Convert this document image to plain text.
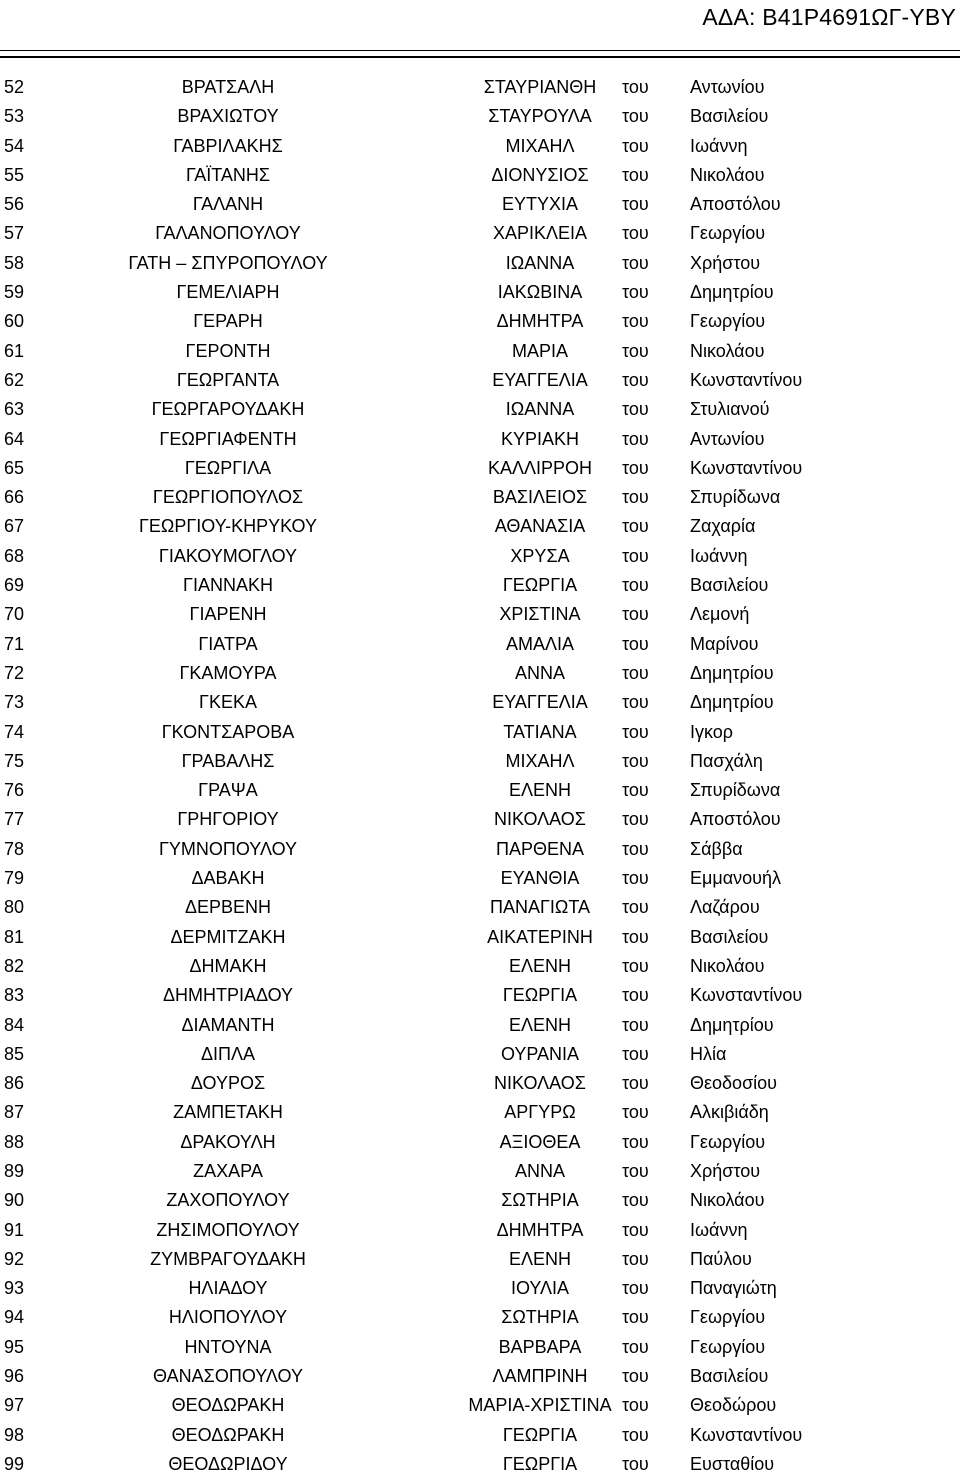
ΑΔΑ: Β41Ρ4691ΩΓ-ΥΒΥ
52	ΒΡΑΤΣΑΛΗ	ΣΤΑΥΡΙΑΝΘΗ	του	Αντωνίου
53	ΒΡΑΧΙΩΤΟΥ	ΣΤΑΥΡΟΥΛΑ	του	Βασιλείου
54	ΓΑΒΡΙΛΑΚΗΣ	ΜΙΧΑΗΛ	του	Ιωάννη
55	ΓΑΪΤΑΝΗΣ	ΔΙΟΝΥΣΙΟΣ	του	Νικολάου
56	ΓΑΛΑΝΗ	ΕΥΤΥΧΙΑ	του	Αποστόλου
57	ΓΑΛΑΝΟΠΟΥΛΟΥ	ΧΑΡΙΚΛΕΙΑ	του	Γεωργίου
58	ΓΑΤΗ – ΣΠΥΡΟΠΟΥΛΟΥ	ΙΩΑΝΝΑ	του	Χρήστου
59	ΓΕΜΕΛΙΑΡΗ	ΙΑΚΩΒΙΝΑ	του	Δημητρίου
60	ΓΕΡΑΡΗ	ΔΗΜΗΤΡΑ	του	Γεωργίου
61	ΓΕΡΟΝΤΗ	ΜΑΡΙΑ	του	Νικολάου
62	ΓΕΩΡΓΑΝΤΑ	ΕΥΑΓΓΕΛΙΑ	του	Κωνσταντίνου
63	ΓΕΩΡΓΑΡΟΥΔΑΚΗ	ΙΩΑΝΝΑ	του	Στυλιανού
64	ΓΕΩΡΓΙΑΦΕΝΤΗ	ΚΥΡΙΑΚΗ	του	Αντωνίου
65	ΓΕΩΡΓΙΛΑ	ΚΑΛΛΙΡΡΟΗ	του	Κωνσταντίνου
66	ΓΕΩΡΓΙΟΠΟΥΛΟΣ	ΒΑΣΙΛΕΙΟΣ	του	Σπυρίδωνα
67	ΓΕΩΡΓΙΟΥ-ΚΗΡΥΚΟΥ	ΑΘΑΝΑΣΙΑ	του	Ζαχαρία
68	ΓΙΑΚΟΥΜΟΓΛΟΥ	ΧΡΥΣΑ	του	Ιωάννη
69	ΓΙΑΝΝΑΚΗ	ΓΕΩΡΓΙΑ	του	Βασιλείου
70	ΓΙΑΡΕΝΗ	ΧΡΙΣΤΙΝΑ	του	Λεμονή
71	ΓΙΑΤΡΑ	ΑΜΑΛΙΑ	του	Μαρίνου
72	ΓΚΑΜΟΥΡΑ	ΑΝΝΑ	του	Δημητρίου
73	ΓΚΕΚΑ	ΕΥΑΓΓΕΛΙΑ	του	Δημητρίου
74	ΓΚΟΝΤΣΑΡΟΒΑ	ΤΑΤΙΑΝΑ	του	Ιγκορ
75	ΓΡΑΒΑΛΗΣ	ΜΙΧΑΗΛ	του	Πασχάλη
76	ΓΡΑΨΑ	ΕΛΕΝΗ	του	Σπυρίδωνα
77	ΓΡΗΓΟΡΙΟΥ	ΝΙΚΟΛΑΟΣ	του	Αποστόλου
78	ΓΥΜΝΟΠΟΥΛΟΥ	ΠΑΡΘΕΝΑ	του	Σάββα
79	ΔΑΒΑΚΗ	ΕΥΑΝΘΙΑ	του	Εμμανουήλ
80	ΔΕΡΒΕΝΗ	ΠΑΝΑΓΙΩΤΑ	του	Λαζάρου
81	ΔΕΡΜΙΤΖΑΚΗ	ΑΙΚΑΤΕΡΙΝΗ	του	Βασιλείου
82	ΔΗΜΑΚΗ	ΕΛΕΝΗ	του	Νικολάου
83	ΔΗΜΗΤΡΙΑΔΟΥ	ΓΕΩΡΓΙΑ	του	Κωνσταντίνου
84	ΔΙΑΜΑΝΤΗ	ΕΛΕΝΗ	του	Δημητρίου
85	ΔΙΠΛΑ	ΟΥΡΑΝΙΑ	του	Ηλία
86	ΔΟΥΡΟΣ	ΝΙΚΟΛΑΟΣ	του	Θεοδοσίου
87	ΖΑΜΠΕΤΑΚΗ	ΑΡΓΥΡΩ	του	Αλκιβιάδη
88	ΔΡΑΚΟΥΛΗ	ΑΞΙΟΘΕΑ	του	Γεωργίου
89	ΖΑΧΑΡΑ	ΑΝΝΑ	του	Χρήστου
90	ΖΑΧΟΠΟΥΛΟΥ	ΣΩΤΗΡΙΑ	του	Νικολάου
91	ΖΗΣΙΜΟΠΟΥΛΟΥ	ΔΗΜΗΤΡΑ	του	Ιωάννη
92	ΖΥΜΒΡΑΓΟΥΔΑΚΗ	ΕΛΕΝΗ	του	Παύλου
93	ΗΛΙΑΔΟΥ	ΙΟΥΛΙΑ	του	Παναγιώτη
94	ΗΛΙΟΠΟΥΛΟΥ	ΣΩΤΗΡΙΑ	του	Γεωργίου
95	ΗΝΤΟΥΝΑ	ΒΑΡΒΑΡΑ	του	Γεωργίου
96	ΘΑΝΑΣΟΠΟΥΛΟΥ	ΛΑΜΠΡΙΝΗ	του	Βασιλείου
97	ΘΕΟΔΩΡΑΚΗ	ΜΑΡΙΑ-ΧΡΙΣΤΙΝΑ του	Θεοδώρου
98	ΘΕΟΔΩΡΑΚΗ	ΓΕΩΡΓΙΑ	του	Κωνσταντίνου
99	ΘΕΟΔΩΡΙΔΟΥ	ΓΕΩΡΓΙΑ	του	Ευσταθίου
